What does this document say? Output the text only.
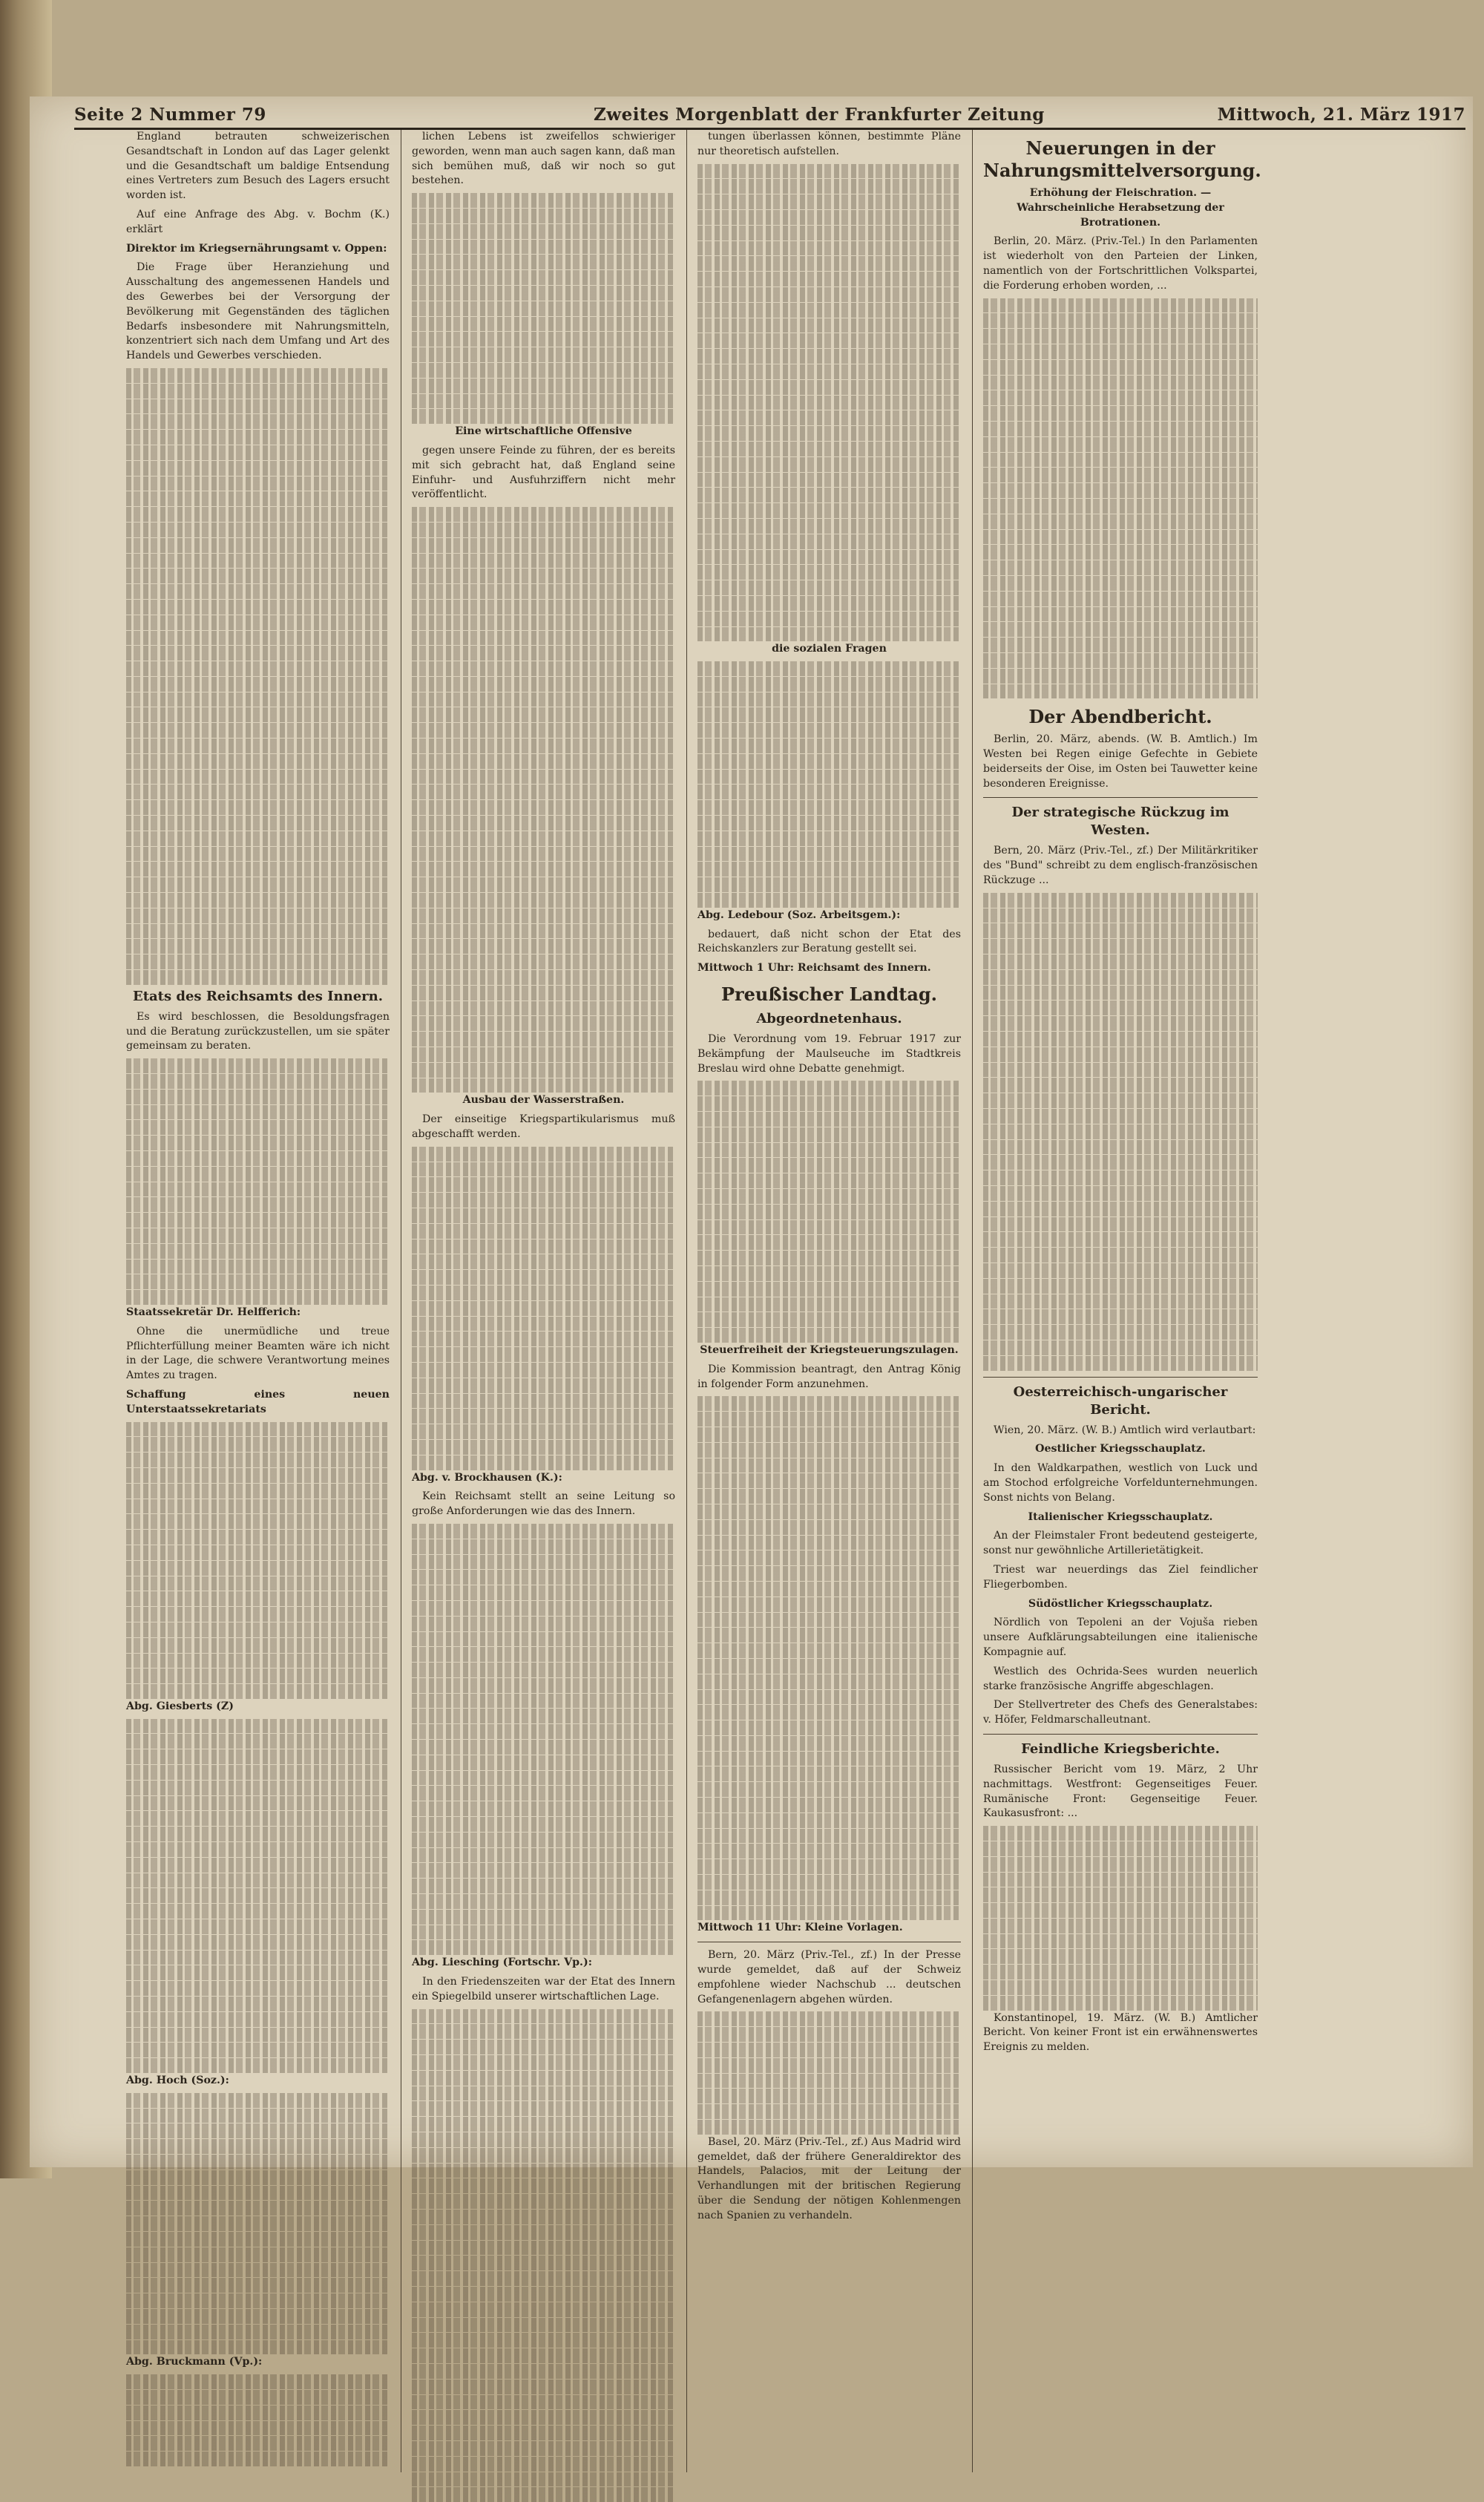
Seite 2 Nummer 79	Zweites Morgenblatt der Frankfurter Zeitung	Mittwoch, 21. März 1917

England betrauten schweizerischen Gesandtschaft in London auf das Lager gelenkt und die Gesandtschaft um baldige Entsendung eines Vertreters zum Besuch des Lagers ersucht worden ist.

Auf eine Anfrage des Abg. v. Bochm (K.) erklärt

Direktor im Kriegsernährungsamt v. Oppen:

Die Frage über Heranziehung und Ausschaltung des angemessenen Handels und des Gewerbes bei der Versorgung der Bevölkerung mit Gegenständen des täglichen Bedarfs insbesondere mit Nahrungsmitteln, konzentriert sich nach dem Umfang und Art des Handels und Gewerbes verschieden.

Etats des Reichsamts des Innern.

Es wird beschlossen, die Besoldungsfragen und die Beratung zurückzustellen, um sie später gemeinsam zu beraten.

Staatssekretär Dr. Helfferich:

Ohne die unermüdliche und treue Pflichterfüllung meiner Beamten wäre ich nicht in der Lage, die schwere Verantwortung meines Amtes zu tragen.

Schaffung eines neuen Unterstaatssekretariats

Abg. Giesberts (Z)

Abg. Hoch (Soz.):

Abg. Bruckmann (Vp.):

lichen Lebens ist zweifellos schwieriger geworden, wenn man auch sagen kann, daß man sich bemühen muß, daß wir noch so gut bestehen.

Eine wirtschaftliche Offensive

gegen unsere Feinde zu führen, der es bereits mit sich gebracht hat, daß England seine Einfuhr- und Ausfuhrziffern nicht mehr veröffentlicht.

Ausbau der Wasserstraßen.

Der einseitige Kriegspartikularismus muß abgeschafft werden.

Abg. v. Brockhausen (K.):

Kein Reichsamt stellt an seine Leitung so große Anforderungen wie das des Innern.

Abg. Liesching (Fortschr. Vp.):

In den Friedenszeiten war der Etat des Innern ein Spiegelbild unserer wirtschaftlichen Lage.

tungen überlassen können, bestimmte Pläne nur theoretisch aufstellen.

die sozialen Fragen

Abg. Ledebour (Soz. Arbeitsgem.):

bedauert, daß nicht schon der Etat des Reichskanzlers zur Beratung gestellt sei.

Mittwoch 1 Uhr: Reichsamt des Innern.

Preußischer Landtag.

Abgeordnetenhaus.

Die Verordnung vom 19. Februar 1917 zur Bekämpfung der Maulseuche im Stadtkreis Breslau wird ohne Debatte genehmigt.

Steuerfreiheit der Kriegsteuerungszulagen.

Die Kommission beantragt, den Antrag König in folgender Form anzunehmen.

Mittwoch 11 Uhr: Kleine Vorlagen.

Bern, 20. März (Priv.-Tel., zf.) In der Presse wurde gemeldet, daß auf der Schweiz empfohlene wieder Nachschub ... deutschen Gefangenenlagern abgehen würden.

Basel, 20. März (Priv.-Tel., zf.) Aus Madrid wird gemeldet, daß der frühere Generaldirektor des Handels, Palacios, mit der Leitung der Verhandlungen mit der britischen Regierung über die Sendung der nötigen Kohlenmengen nach Spanien zu verhandeln.

Neuerungen in der Nahrungsmittelversorgung.

Erhöhung der Fleischration. — Wahrscheinliche Herabsetzung der Brotrationen.

Berlin, 20. März. (Priv.-Tel.) In den Parlamenten ist wiederholt von den Parteien der Linken, namentlich von der Fortschrittlichen Volkspartei, die Forderung erhoben worden, ...

Der Abendbericht.

Berlin, 20. März, abends. (W. B. Amtlich.) Im Westen bei Regen einige Gefechte in Gebiete beiderseits der Oise, im Osten bei Tauwetter keine besonderen Ereignisse.

Der strategische Rückzug im Westen.

Bern, 20. März (Priv.-Tel., zf.) Der Militärkritiker des "Bund" schreibt zu dem englisch-französischen Rückzuge ...

Oesterreichisch-ungarischer Bericht.

Wien, 20. März. (W. B.) Amtlich wird verlautbart:

Oestlicher Kriegsschauplatz.

In den Waldkarpathen, westlich von Luck und am Stochod erfolgreiche Vorfeldunternehmungen. Sonst nichts von Belang.

Italienischer Kriegsschauplatz.

An der Fleimstaler Front bedeutend gesteigerte, sonst nur gewöhnliche Artillerietätigkeit.

Triest war neuerdings das Ziel feindlicher Fliegerbomben.

Südöstlicher Kriegsschauplatz.

Nördlich von Tepoleni an der Vojuša rieben unsere Aufklärungsabteilungen eine italienische Kompagnie auf.

Westlich des Ochrida-Sees wurden neuerlich starke französische Angriffe abgeschlagen.

Der Stellvertreter des Chefs des Generalstabes: v. Höfer, Feldmarschalleutnant.

Feindliche Kriegsberichte.

Russischer Bericht vom 19. März, 2 Uhr nachmittags. Westfront: Gegenseitiges Feuer. Rumänische Front: Gegenseitige Feuer. Kaukasusfront: ...

Konstantinopel, 19. März. (W. B.) Amtlicher Bericht. Von keiner Front ist ein erwähnenswertes Ereignis zu melden.
